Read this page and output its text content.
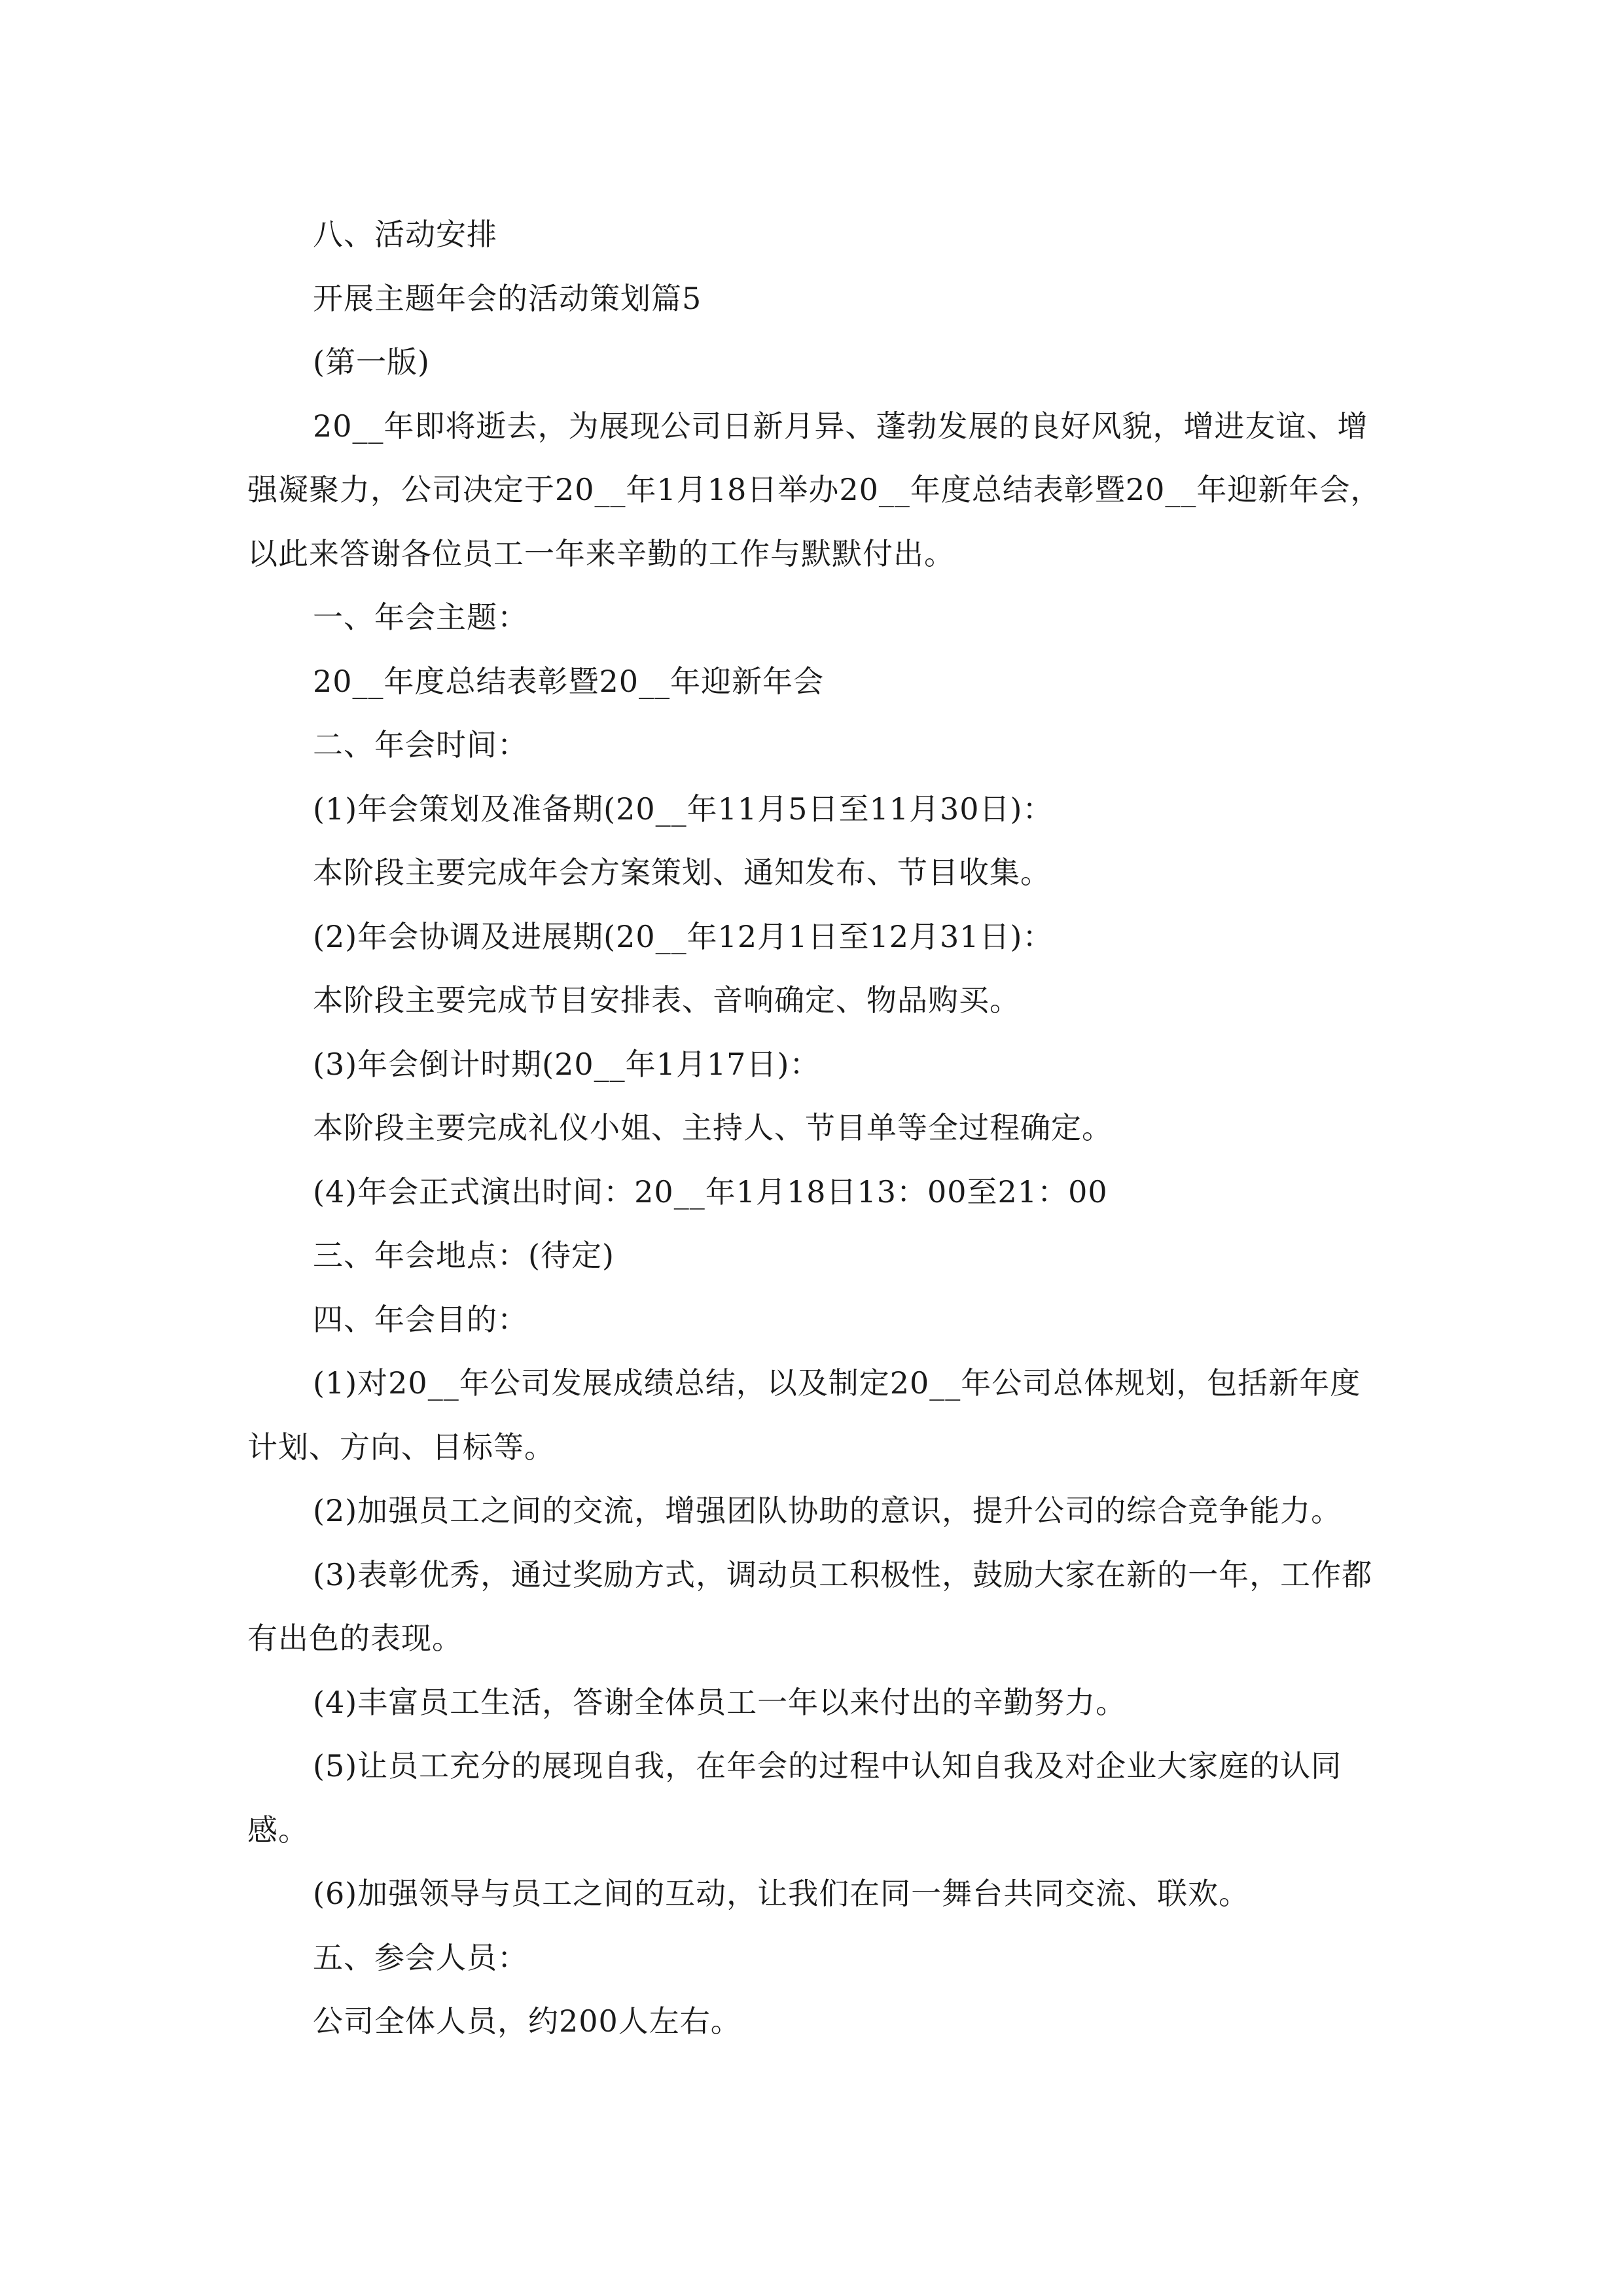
八、活动安排

开展主题年会的活动策划篇5

(第一版)

20__年即将逝去，为展现公司日新月异、蓬勃发展的良好风貌，增进友谊、增强凝聚力，公司决定于20__年1月18日举办20__年度总结表彰暨20__年迎新年会，以此来答谢各位员工一年来辛勤的工作与默默付出。

一、年会主题：

20__年度总结表彰暨20__年迎新年会

二、年会时间：

(1)年会策划及准备期(20__年11月5日至11月30日)：

本阶段主要完成年会方案策划、通知发布、节目收集。

(2)年会协调及进展期(20__年12月1日至12月31日)：

本阶段主要完成节目安排表、音响确定、物品购买。

(3)年会倒计时期(20__年1月17日)：

本阶段主要完成礼仪小姐、主持人、节目单等全过程确定。

(4)年会正式演出时间：20__年1月18日13：00至21：00

三、年会地点：(待定)

四、年会目的：

(1)对20__年公司发展成绩总结，以及制定20__年公司总体规划，包括新年度计划、方向、目标等。

(2)加强员工之间的交流，增强团队协助的意识，提升公司的综合竞争能力。

(3)表彰优秀，通过奖励方式，调动员工积极性，鼓励大家在新的一年，工作都有出色的表现。

(4)丰富员工生活，答谢全体员工一年以来付出的辛勤努力。

(5)让员工充分的展现自我，在年会的过程中认知自我及对企业大家庭的认同感。

(6)加强领导与员工之间的互动，让我们在同一舞台共同交流、联欢。

五、参会人员：

公司全体人员，约200人左右。
